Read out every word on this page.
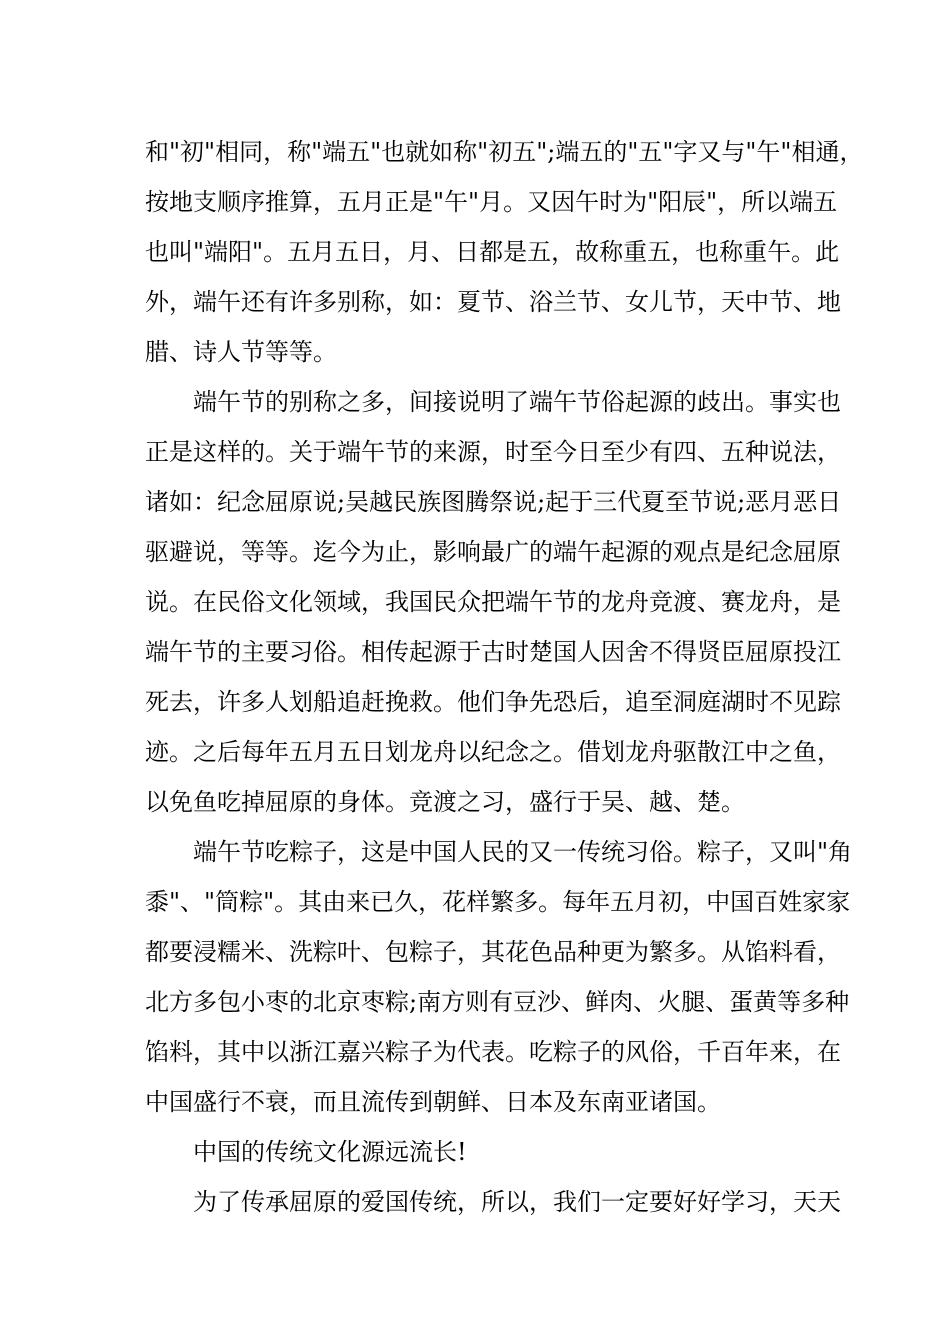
和"初"相同，称"端五"也就如称"初五";端五的"五"字又与"午"相通，
按地支顺序推算，五月正是"午"月。又因午时为"阳辰"，所以端五
也叫"端阳"。五月五日，月、日都是五，故称重五，也称重午。此
外，端午还有许多别称，如：夏节、浴兰节、女儿节，天中节、地
腊、诗人节等等。
端午节的别称之多，间接说明了端午节俗起源的歧出。事实也
正是这样的。关于端午节的来源，时至今日至少有四、五种说法，
诸如：纪念屈原说;吴越民族图腾祭说;起于三代夏至节说;恶月恶日
驱避说，等等。迄今为止，影响最广的端午起源的观点是纪念屈原
说。在民俗文化领域，我国民众把端午节的龙舟竞渡、赛龙舟，是
端午节的主要习俗。相传起源于古时楚国人因舍不得贤臣屈原投江
死去，许多人划船追赶挽救。他们争先恐后，追至洞庭湖时不见踪
迹。之后每年五月五日划龙舟以纪念之。借划龙舟驱散江中之鱼，
以免鱼吃掉屈原的身体。竞渡之习，盛行于吴、越、楚。
端午节吃粽子，这是中国人民的又一传统习俗。粽子，又叫"角
黍"、"筒粽"。其由来已久，花样繁多。每年五月初，中国百姓家家
都要浸糯米、洗粽叶、包粽子，其花色品种更为繁多。从馅料看，
北方多包小枣的北京枣粽;南方则有豆沙、鲜肉、火腿、蛋黄等多种
馅料，其中以浙江嘉兴粽子为代表。吃粽子的风俗，千百年来，在
中国盛行不衰，而且流传到朝鲜、日本及东南亚诸国。
中国的传统文化源远流长!
为了传承屈原的爱国传统，所以，我们一定要好好学习，天天
